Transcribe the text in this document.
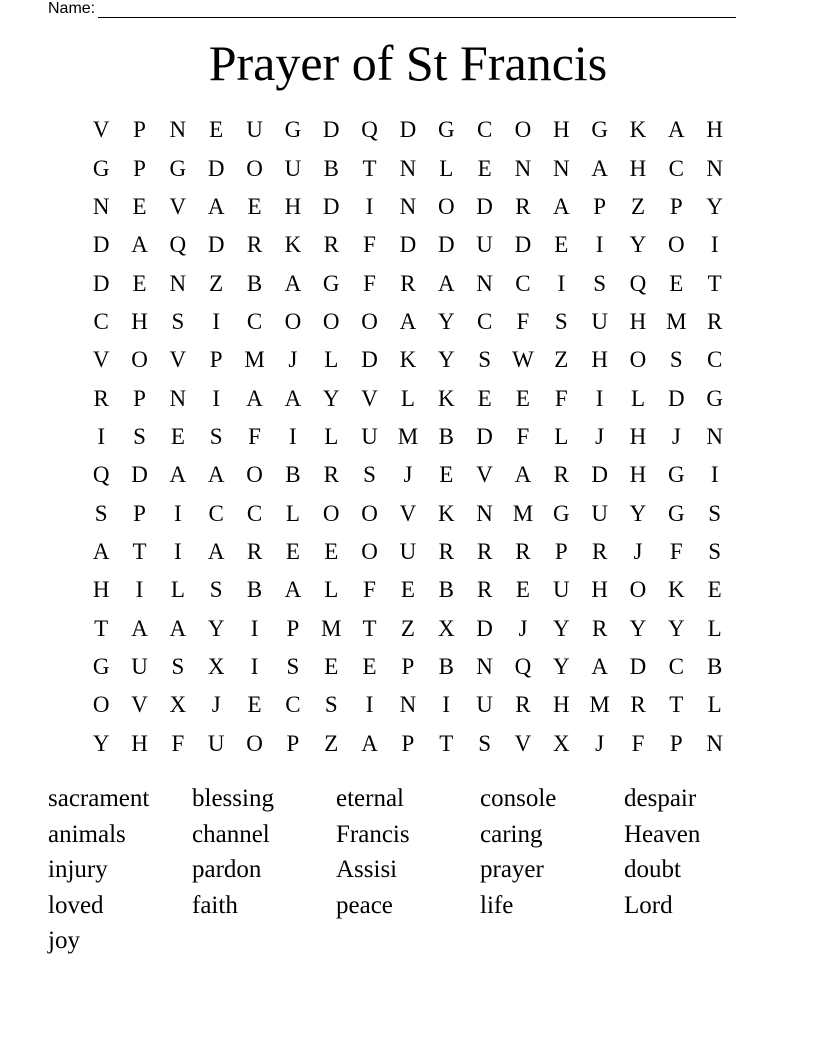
Name:
Prayer of St Francis
V	P	N	E	U G D Q D G C O H G K A H
G	P	G D O U B	T	N	L	E	N N A H C N
N	E	V A	E	H D	I	N O D R A	P	Z	P	Y
D A Q D R K R	F	D D U D	E	I	Y O	I
D	E	N	Z	B A G	F	R A N C	I	S	Q	E	T
C H	S	I	C O O O A Y C	F	S	U H M R
V O V	P M	J	L	D K Y	S W Z	H O	S	C
R	P	N	I	A A Y V	L	K	E	E	F	I	L	D G
I	S	E	S	F	I	L	U M B D	F	L	J	H	J	N
Q D A A O B	R	S	J	E	V A R D H G	I
S	P	I	C	C	L	O O V K N M G U Y G	S
A	T	I	A R	E	E	O U R	R	R	P	R	J	F	S
H	I	L	S	B A	L	F	E	B	R	E	U H O K	E
T	A A Y	I	P M T	Z	X D	J	Y R Y Y	L
G U	S	X	I	S	E	E	P	B N Q Y A D C	B
O V X	J	E	C	S	I	N	I	U R H M R	T	L
Y H	F	U O	P	Z	A	P	T	S	V X	J	F	P	N
sacrament	blessing	eternal	console	despair
animals	channel	Francis	caring	Heaven
injury	pardon	Assisi	prayer	doubt
loved	faith	peace	life	Lord
joy
